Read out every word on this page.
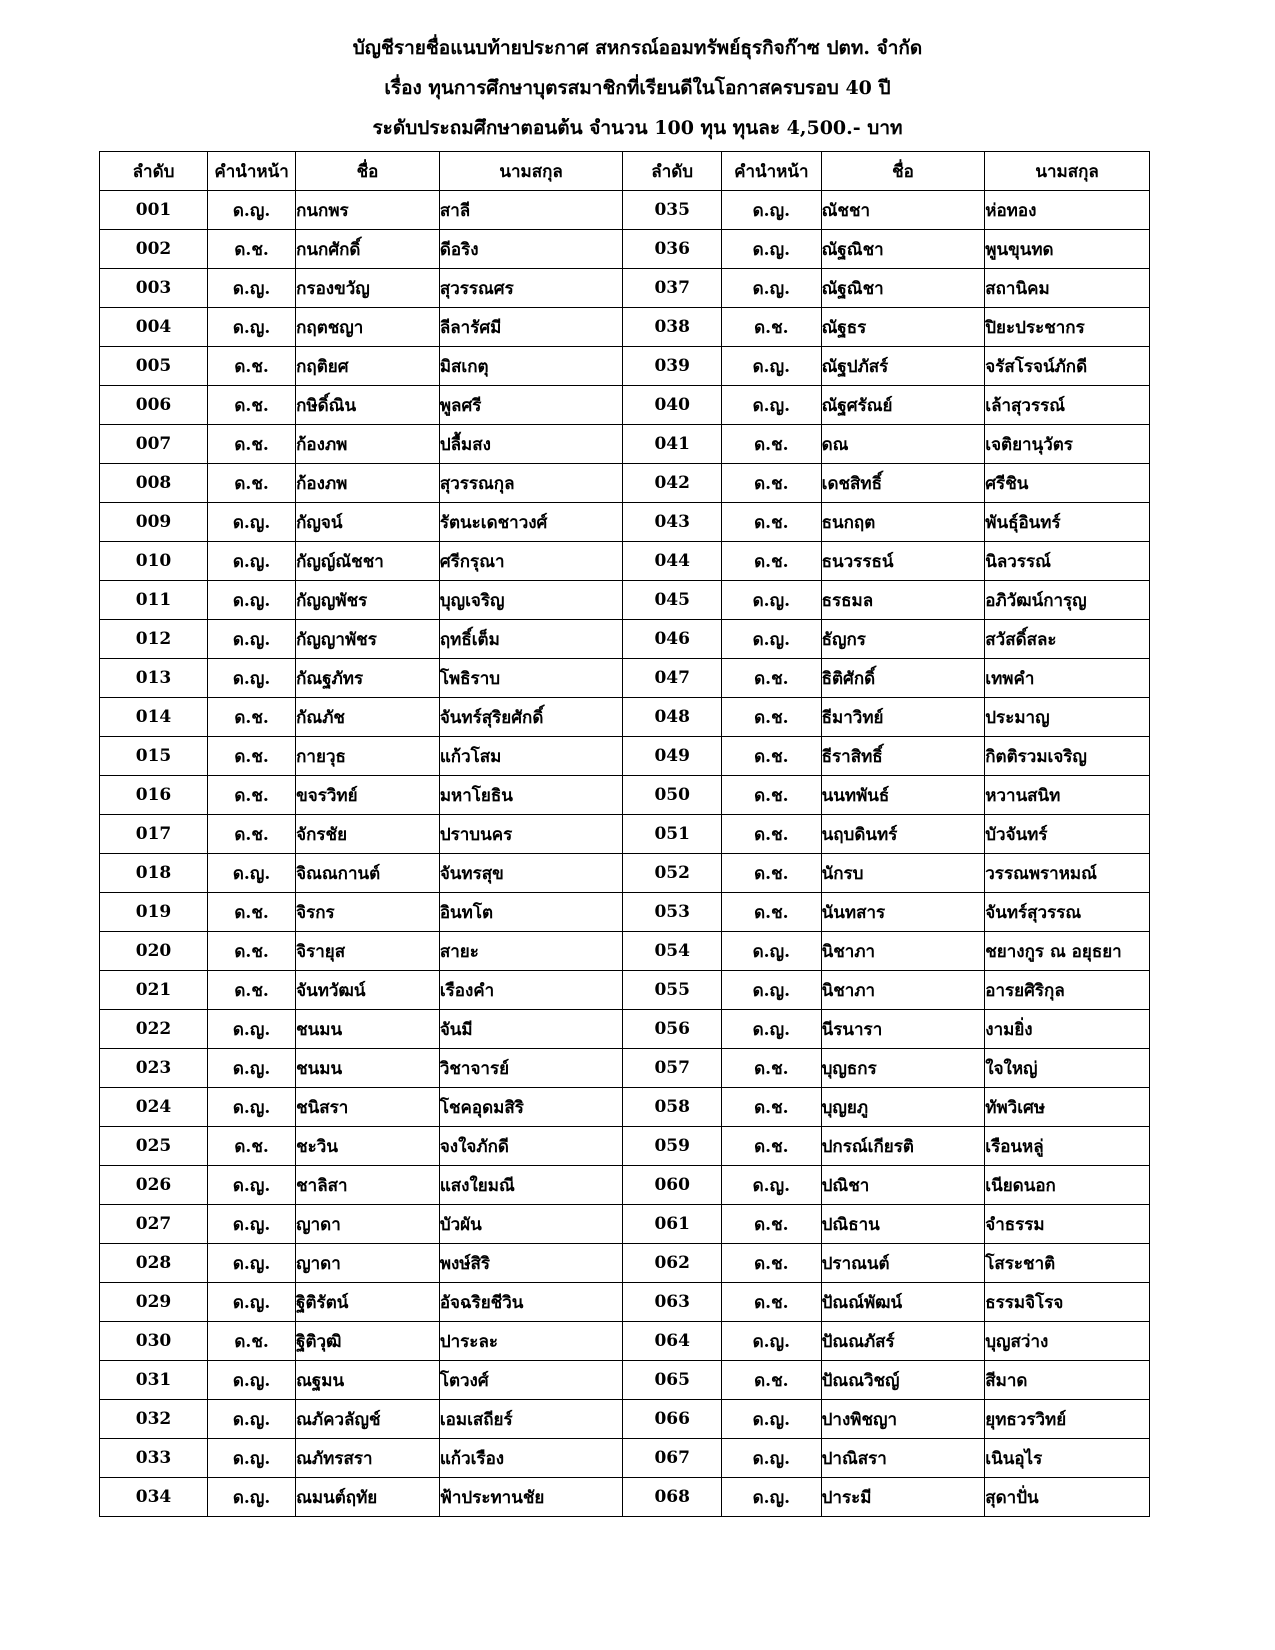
บัญชีรายชื่อแนบท้ายประกาศ สหกรณ์ออมทรัพย์ธุรกิจก๊าซ ปตท. จำกัด
เรื่อง ทุนการศึกษาบุตรสมาชิกที่เรียนดีในโอกาสครบรอบ 40 ปี
ระดับประถมศึกษาตอนต้น จำนวน 100 ทุน ทุนละ 4,500.- บาท
ลำดับ	คำนำหน้า	ชื่อ	นามสกุล	ลำดับ	คำนำหน้า	ชื่อ	นามสกุล
001	ด.ญ.	กนกพร	สาลี	035	ด.ญ.	ณัชชา	ห่อทอง
002	ด.ช.	กนกศักดิ์	ดีอริง	036	ด.ญ.	ณัฐณิชา	พูนขุนทด
003	ด.ญ.	กรองขวัญ	สุวรรณศร	037	ด.ญ.	ณัฐณิชา	สถานิคม
004	ด.ญ.	กฤตชญา	ลีลารัศมี	038	ด.ช.	ณัฐธร	ปิยะประชากร
005	ด.ช.	กฤติยศ	มิสเกตุ	039	ด.ญ.	ณัฐปภัสร์	จรัสโรจน์ภักดี
006	ด.ช.	กษิดิ์ณิน	พูลศรี	040	ด.ญ.	ณัฐศรัณย์	เล้าสุวรรณ์
007	ด.ช.	ก้องภพ	ปลื้มสง	041	ด.ช.	ดณ	เจติยานุวัตร
008	ด.ช.	ก้องภพ	สุวรรณกุล	042	ด.ช.	เดชสิทธิ์	ศรีชิน
009	ด.ญ.	กัญจน์	รัตนะเดชาวงศ์	043	ด.ช.	ธนกฤต	พันธุ์อินทร์
010	ด.ญ.	กัญญ์ณัชชา	ศรีกรุณา	044	ด.ช.	ธนวรรธน์	นิลวรรณ์
011	ด.ญ.	กัญญพัชร	บุญเจริญ	045	ด.ญ.	ธรธมล	อภิวัฒน์การุญ
012	ด.ญ.	กัญญาพัชร	ฤทธิ์เต็ม	046	ด.ญ.	ธัญกร	สวัสดิ์สละ
013	ด.ญ.	กัณฐภัทร	โพธิราบ	047	ด.ช.	ธิติศักดิ์	เทพคำ
014	ด.ช.	กัณภัช	จันทร์สุริยศักดิ์	048	ด.ช.	ธีมาวิทย์	ประมาญ
015	ด.ช.	กายวุธ	แก้วโสม	049	ด.ช.	ธีราสิทธิ์	กิตติรวมเจริญ
016	ด.ช.	ขจรวิทย์	มหาโยธิน	050	ด.ช.	นนทพันธ์	หวานสนิท
017	ด.ช.	จักรชัย	ปราบนคร	051	ด.ช.	นฤบดินทร์	บัวจันทร์
018	ด.ญ.	จิณณกานต์	จันทรสุข	052	ด.ช.	นักรบ	วรรณพราหมณ์
019	ด.ช.	จิรกร	อินทโต	053	ด.ช.	นันทสาร	จันทร์สุวรรณ
020	ด.ช.	จิรายุส	สายะ	054	ด.ญ.	นิชาภา	ชยางกูร ณ อยุธยา
021	ด.ช.	จันทวัฒน์	เรืองคำ	055	ด.ญ.	นิชาภา	อารยศิริกุล
022	ด.ญ.	ชนมน	จันมี	056	ด.ญ.	นีรนารา	งามยิ่ง
023	ด.ญ.	ชนมน	วิชาจารย์	057	ด.ช.	บุญธกร	ใจใหญ่
024	ด.ญ.	ชนิสรา	โชคอุดมสิริ	058	ด.ช.	บุญยภู	ทัพวิเศษ
025	ด.ช.	ชะวิน	จงใจภักดี	059	ด.ช.	ปกรณ์เกียรติ	เรือนหลู่
026	ด.ญ.	ชาลิสา	แสงใยมณี	060	ด.ญ.	ปณิชา	เนียดนอก
027	ด.ญ.	ญาดา	บัวผัน	061	ด.ช.	ปณิธาน	จำธรรม
028	ด.ญ.	ญาดา	พงษ์สิริ	062	ด.ช.	ปราณนต์	โสระชาติ
029	ด.ญ.	ฐิติรัตน์	อัจฉริยชีวิน	063	ด.ช.	ปัณณ์พัฒน์	ธรรมจิโรจ
030	ด.ช.	ฐิติวุฒิ	ปาระละ	064	ด.ญ.	ปัณณภัสร์	บุญสว่าง
031	ด.ญ.	ณฐมน	โตวงศ์	065	ด.ช.	ปัณณวิชญ์	สีมาด
032	ด.ญ.	ณภัควลัญช์	เอมเสถียร์	066	ด.ญ.	ปางพิชญา	ยุทธวรวิทย์
033	ด.ญ.	ณภัทรสรา	แก้วเรือง	067	ด.ญ.	ปาณิสรา	เนินอุไร
034	ด.ญ.	ณมนต์ฤทัย	ฟ้าประทานชัย	068	ด.ญ.	ปาระมี	สุดาปั่น
